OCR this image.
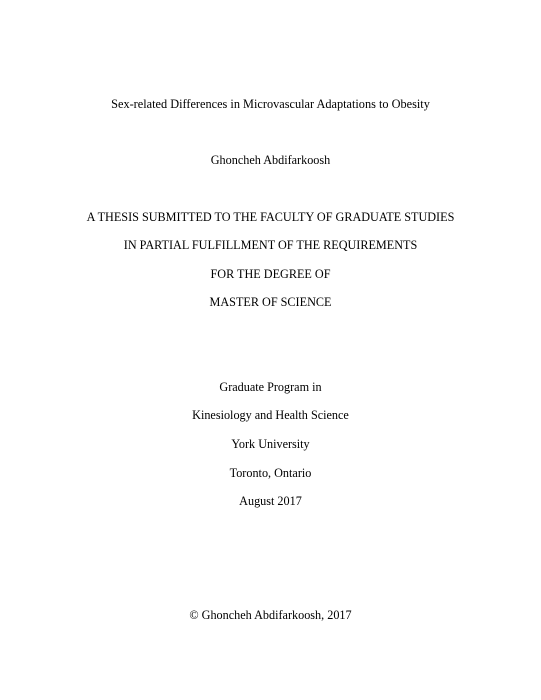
Sex-related Differences in Microvascular Adaptations to Obesity
Ghoncheh Abdifarkoosh
A THESIS SUBMITTED TO THE FACULTY OF GRADUATE STUDIES
IN PARTIAL FULFILLMENT OF THE REQUIREMENTS
FOR THE DEGREE OF
MASTER OF SCIENCE
Graduate Program in
Kinesiology and Health Science
York University
Toronto, Ontario
August 2017
© Ghoncheh Abdifarkoosh, 2017
